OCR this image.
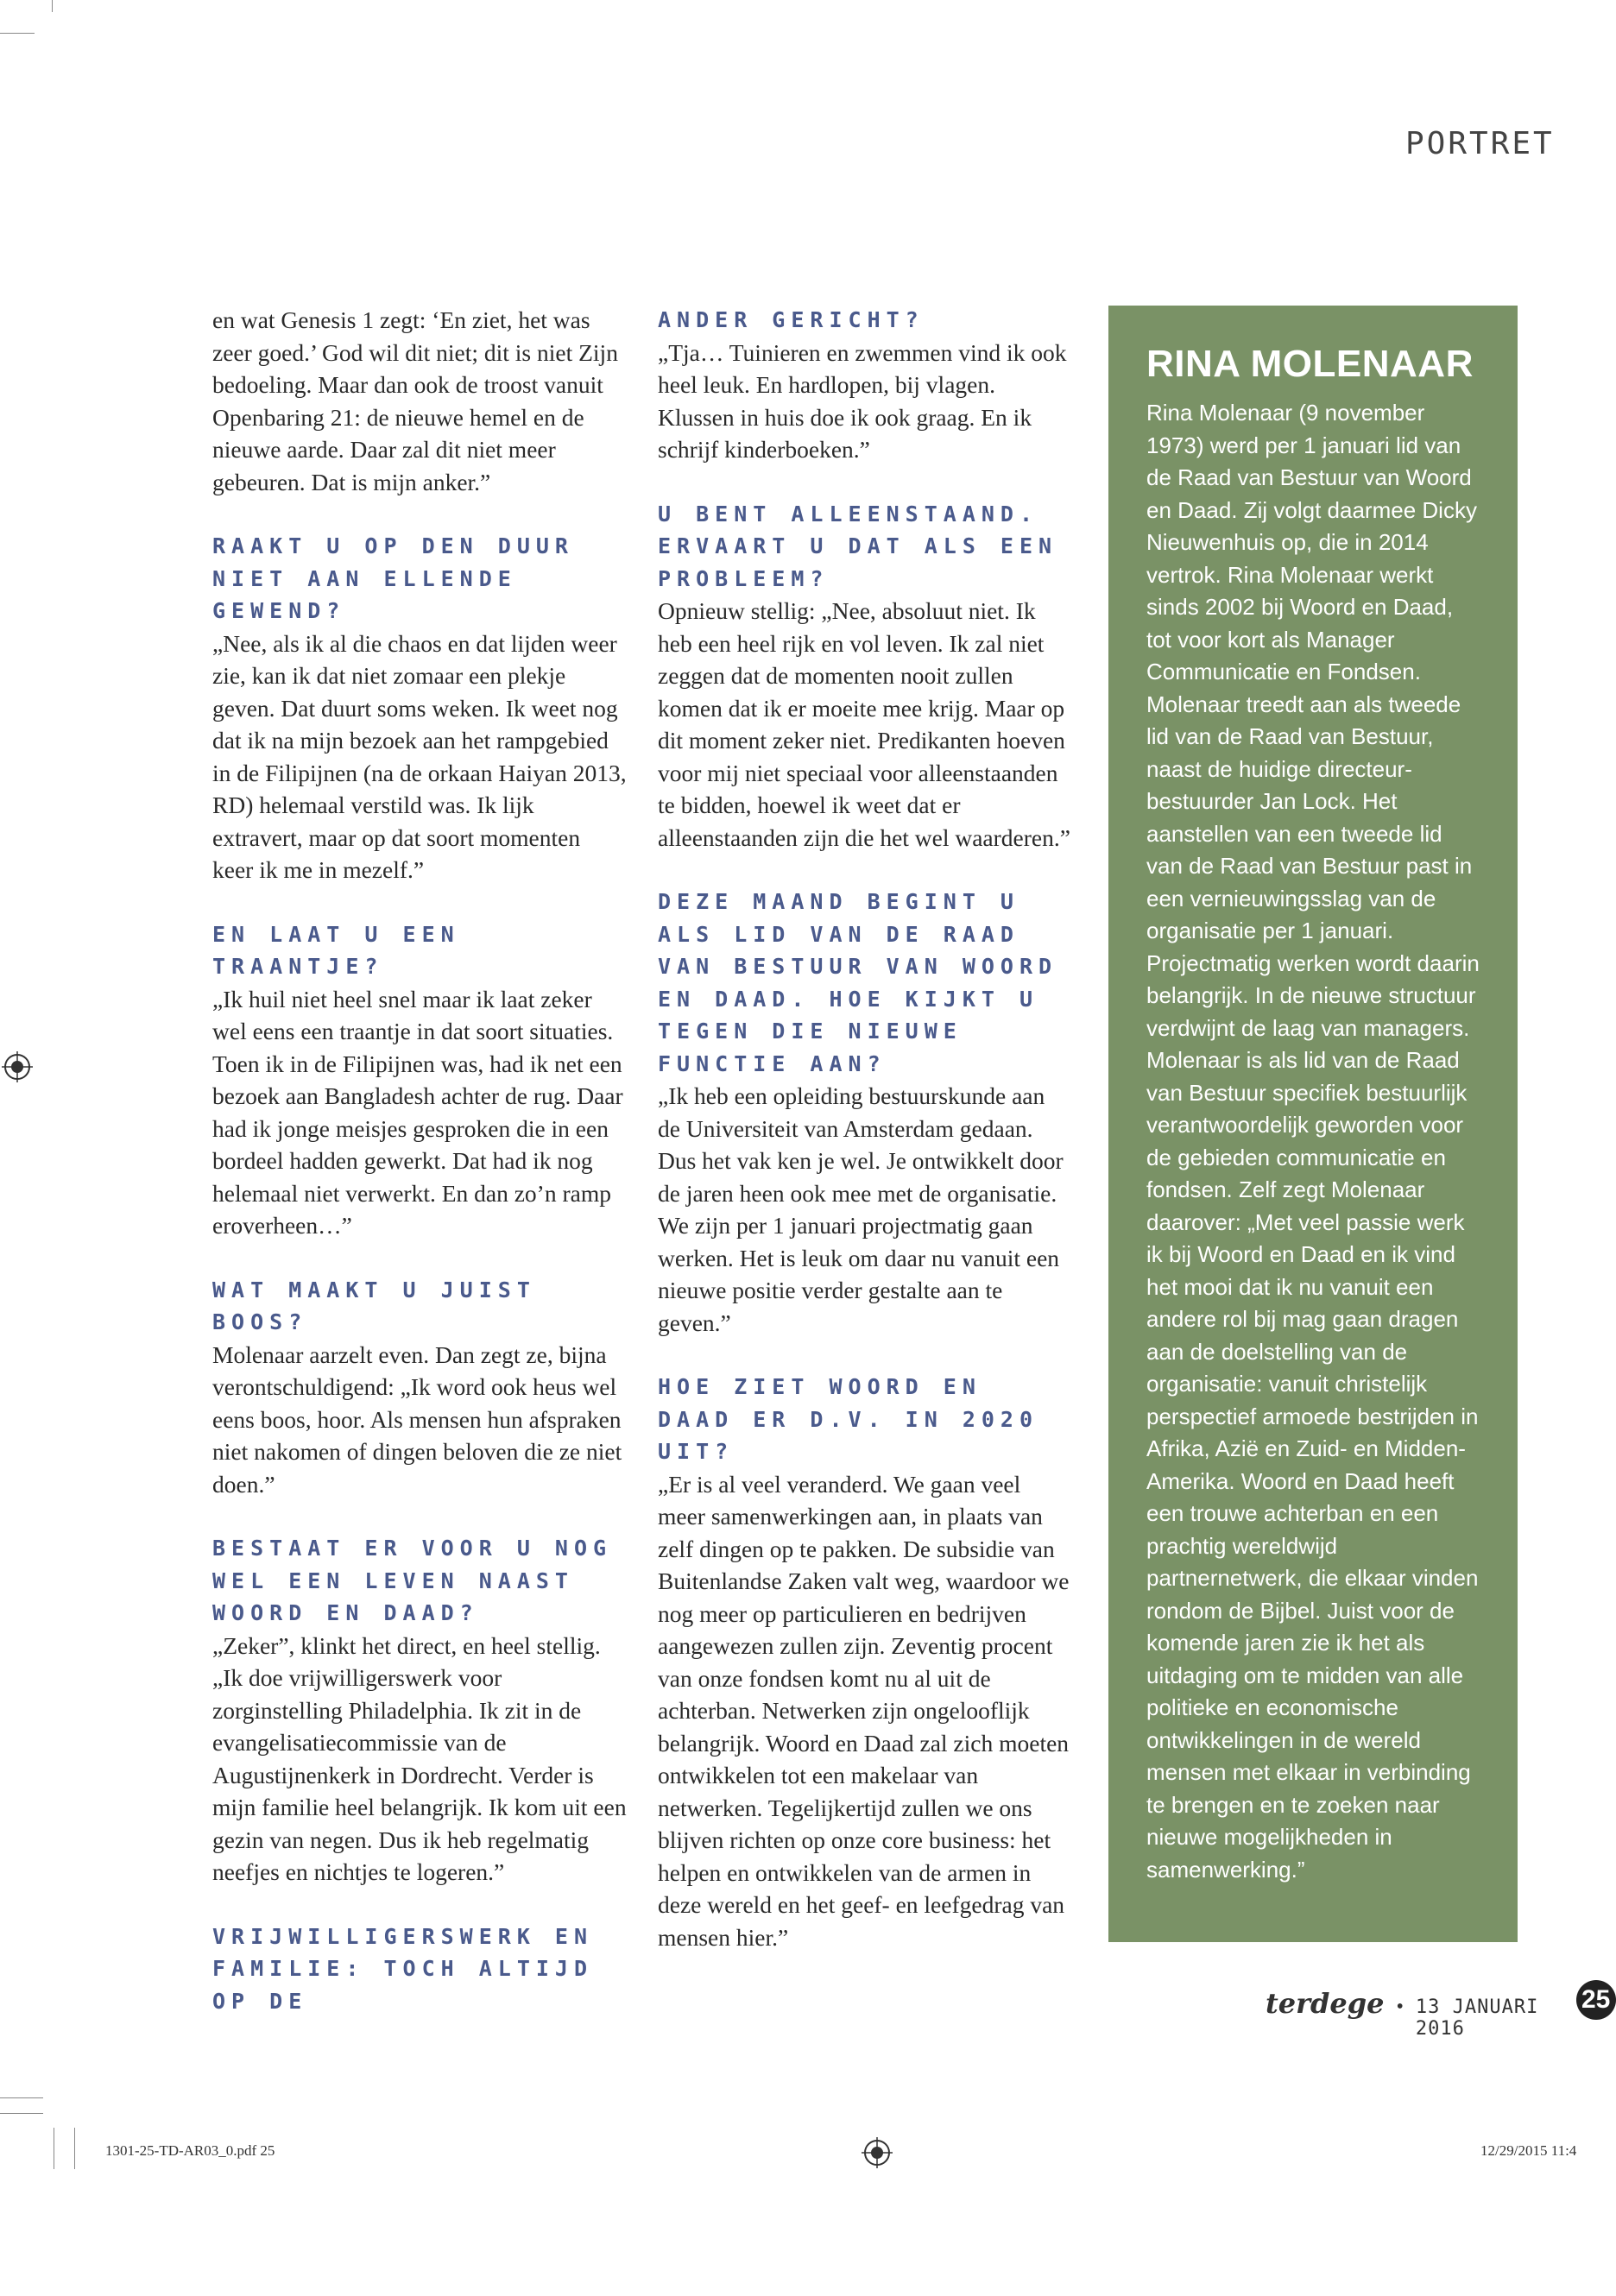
PORTRET
en wat Genesis 1 zegt: ‘En ziet, het was zeer goed.’ God wil dit niet; dit is niet Zijn bedoeling. Maar dan ook de troost vanuit Openbaring 21: de nieuwe hemel en de nieuwe aarde. Daar zal dit niet meer gebeuren. Dat is mijn anker.”
RAAKT U OP DEN DUUR NIET AAN ELLENDE GEWEND?
„Nee, als ik al die chaos en dat lijden weer zie, kan ik dat niet zomaar een plekje geven. Dat duurt soms weken. Ik weet nog dat ik na mijn bezoek aan het rampgebied in de Filipijnen (na de orkaan Haiyan 2013, RD) helemaal verstild was. Ik lijk extravert, maar op dat soort momenten keer ik me in mezelf.”
EN LAAT U EEN TRAANTJE?
„Ik huil niet heel snel maar ik laat zeker wel eens een traantje in dat soort situaties. Toen ik in de Filipijnen was, had ik net een bezoek aan Bangladesh achter de rug. Daar had ik jonge meisjes gesproken die in een bordeel hadden gewerkt. Dat had ik nog helemaal niet verwerkt. En dan zo’n ramp eroverheen…”
WAT MAAKT U JUIST BOOS?
Molenaar aarzelt even. Dan zegt ze, bijna verontschuldigend: „Ik word ook heus wel eens boos, hoor. Als mensen hun afspraken niet nakomen of dingen beloven die ze niet doen.”
BESTAAT ER VOOR U NOG WEL EEN LEVEN NAAST WOORD EN DAAD?
„Zeker”, klinkt het direct, en heel stellig. „Ik doe vrijwilligerswerk voor zorginstelling Philadelphia. Ik zit in de evangelisatiecommissie van de Augustijnenkerk in Dordrecht. Verder is mijn familie heel belangrijk. Ik kom uit een gezin van negen. Dus ik heb regelmatig neefjes en nichtjes te logeren.”
VRIJWILLIGERSWERK EN FAMILIE: TOCH ALTIJD OP DE
ANDER GERICHT?
„Tja… Tuinieren en zwemmen vind ik ook heel leuk. En hardlopen, bij vlagen. Klussen in huis doe ik ook graag. En ik schrijf kinderboeken.”
U BENT ALLEENSTAAND. ERVAART U DAT ALS EEN PROBLEEM?
Opnieuw stellig: „Nee, absoluut niet. Ik heb een heel rijk en vol leven. Ik zal niet zeggen dat de momenten nooit zullen komen dat ik er moeite mee krijg. Maar op dit moment zeker niet. Predikanten hoeven voor mij niet speciaal voor alleenstaanden te bidden, hoewel ik weet dat er alleenstaanden zijn die het wel waarderen.”
DEZE MAAND BEGINT U ALS LID VAN DE RAAD VAN BESTUUR VAN WOORD EN DAAD. HOE KIJKT U TEGEN DIE NIEUWE FUNCTIE AAN?
„Ik heb een opleiding bestuurskunde aan de Universiteit van Amsterdam gedaan. Dus het vak ken je wel. Je ontwikkelt door de jaren heen ook mee met de organisatie. We zijn per 1 januari projectmatig gaan werken. Het is leuk om daar nu vanuit een nieuwe positie verder gestalte aan te geven.”
HOE ZIET WOORD EN DAAD ER D.V. IN 2020 UIT?
„Er is al veel veranderd. We gaan veel meer samenwerkingen aan, in plaats van zelf dingen op te pakken. De subsidie van Buitenlandse Zaken valt weg, waardoor we nog meer op particulieren en bedrijven aangewezen zullen zijn. Zeventig procent van onze fondsen komt nu al uit de achterban. Netwerken zijn ongelooflijk belangrijk. Woord en Daad zal zich moeten ontwikkelen tot een makelaar van netwerken. Tegelijkertijd zullen we ons blijven richten op onze core business: het helpen en ontwikkelen van de armen in deze wereld en het geef- en leefgedrag van mensen hier.”
RINA MOLENAAR
Rina Molenaar (9 november 1973) werd per 1 januari lid van de Raad van Bestuur van Woord en Daad. Zij volgt daarmee Dicky Nieuwenhuis op, die in 2014 vertrok. Rina Molenaar werkt sinds 2002 bij Woord en Daad, tot voor kort als Manager Communicatie en Fondsen. Molenaar treedt aan als tweede lid van de Raad van Bestuur, naast de huidige directeur-bestuurder Jan Lock. Het aanstellen van een tweede lid van de Raad van Bestuur past in een vernieuwingsslag van de organisatie per 1 januari. Projectmatig werken wordt daarin belangrijk. In de nieuwe structuur verdwijnt de laag van managers. Molenaar is als lid van de Raad van Bestuur specifiek bestuurlijk verantwoordelijk geworden voor de gebieden communicatie en fondsen. Zelf zegt Molenaar daarover: „Met veel passie werk ik bij Woord en Daad en ik vind het mooi dat ik nu vanuit een andere rol bij mag gaan dragen aan de doelstelling van de organisatie: vanuit christelijk perspectief armoede bestrijden in Afrika, Azië en Zuid- en Midden-Amerika. Woord en Daad heeft een trouwe achterban en een prachtig wereldwijd partnernetwerk, die elkaar vinden rondom de Bijbel. Juist voor de komende jaren zie ik het als uitdaging om te midden van alle politieke en economische ontwikkelingen in de wereld mensen met elkaar in verbinding te brengen en te zoeken naar nieuwe mogelijkheden in samenwerking.”
terdege • 13 JANUARI 2016
25
1301-25-TD-AR03_0.pdf 25	12/29/2015 11:4
